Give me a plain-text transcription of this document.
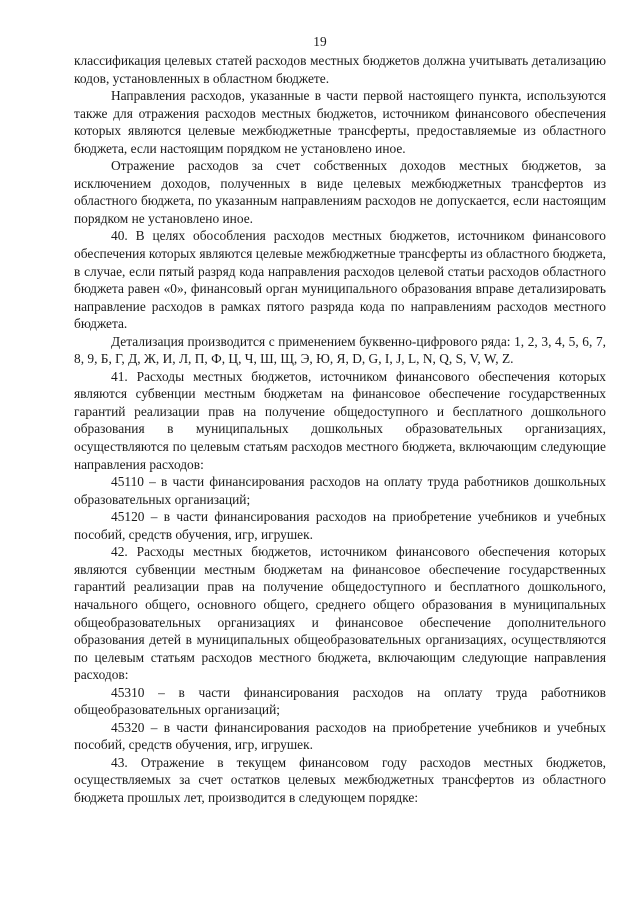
19

классификация целевых статей расходов местных бюджетов должна учитывать детализацию кодов, установленных в областном бюджете.

Направления расходов, указанные в части первой настоящего пункта, используются также для отражения расходов местных бюджетов, источником финансового обеспечения которых являются целевые межбюджетные трансферты, предоставляемые из областного бюджета, если настоящим порядком не установлено иное.

Отражение расходов за счет собственных доходов местных бюджетов, за исключением доходов, полученных в виде целевых межбюджетных трансфертов из областного бюджета, по указанным направлениям расходов не допускается, если настоящим порядком не установлено иное.

40. В целях обособления расходов местных бюджетов, источником финансового обеспечения которых являются целевые межбюджетные трансферты из областного бюджета, в случае, если пятый разряд кода направления расходов целевой статьи расходов областного бюджета равен «0», финансовый орган муниципального образования вправе детализировать направление расходов в рамках пятого разряда кода по направлениям расходов местного бюджета.

Детализация производится с применением буквенно-цифрового ряда: 1, 2, 3, 4, 5, 6, 7, 8, 9, Б, Г, Д, Ж, И, Л, П, Ф, Ц, Ч, Ш, Щ, Э, Ю, Я, D, G, I, J, L, N, Q, S, V, W, Z.

41. Расходы местных бюджетов, источником финансового обеспечения которых являются субвенции местным бюджетам на финансовое обеспечение государственных гарантий реализации прав на получение общедоступного и бесплатного дошкольного образования в муниципальных дошкольных образовательных организациях, осуществляются по целевым статьям расходов местного бюджета, включающим следующие направления расходов:

45110 – в части финансирования расходов на оплату труда работников дошкольных образовательных организаций;

45120 – в части финансирования расходов на приобретение учебников и учебных пособий, средств обучения, игр, игрушек.

42. Расходы местных бюджетов, источником финансового обеспечения которых являются субвенции местным бюджетам на финансовое обеспечение государственных гарантий реализации прав на получение общедоступного и бесплатного дошкольного, начального общего, основного общего, среднего общего образования в муниципальных общеобразовательных организациях и финансовое обеспечение дополнительного образования детей в муниципальных общеобразовательных организациях, осуществляются по целевым статьям расходов местного бюджета, включающим следующие направления расходов:

45310 – в части финансирования расходов на оплату труда работников общеобразовательных организаций;

45320 – в части финансирования расходов на приобретение учебников и учебных пособий, средств обучения, игр, игрушек.

43. Отражение в текущем финансовом году расходов местных бюджетов, осуществляемых за счет остатков целевых межбюджетных трансфертов из областного бюджета прошлых лет, производится в следующем порядке:
